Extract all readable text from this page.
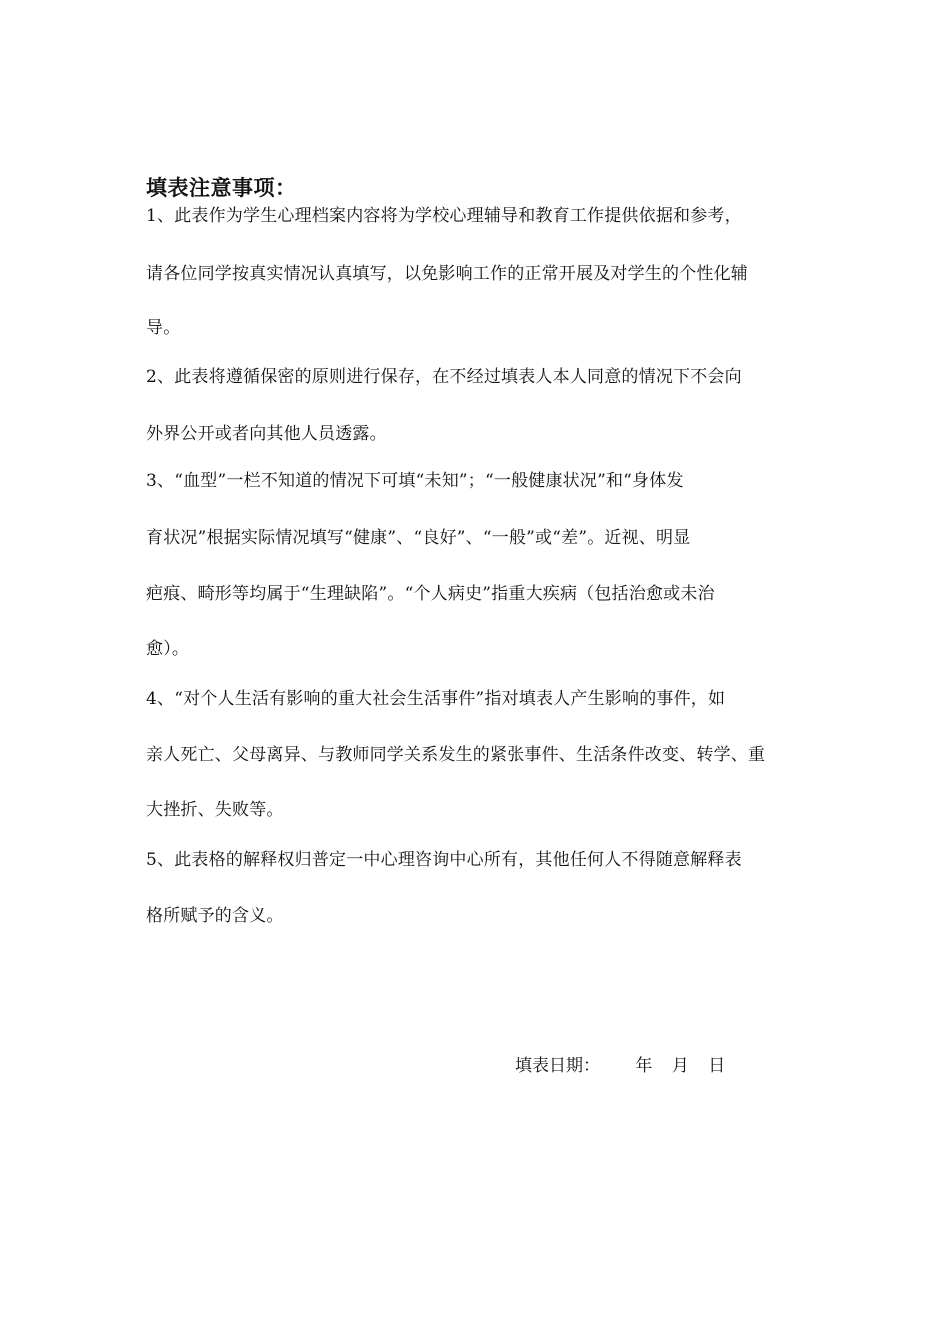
填表注意事项：
1、此表作为学生心理档案内容将为学校心理辅导和教育工作提供依据和参考，
请各位同学按真实情况认真填写，以免影响工作的正常开展及对学生的个性化辅
导。
2、此表将遵循保密的原则进行保存，在不经过填表人本人同意的情况下不会向
外界公开或者向其他人员透露。
3、“血型”一栏不知道的情况下可填“未知”；“一般健康状况”和“身体发
育状况”根据实际情况填写“健康”、“良好”、“一般”或“差”。近视、明显
疤痕、畸形等均属于“生理缺陷”。“个人病史”指重大疾病（包括治愈或未治
愈）。
4、“对个人生活有影响的重大社会生活事件”指对填表人产生影响的事件，如
亲人死亡、父母离异、与教师同学关系发生的紧张事件、生活条件改变、转学、重
大挫折、失败等。
5、此表格的解释权归普定一中心理咨询中心所有，其他任何人不得随意解释表
格所赋予的含义。
填表日期： 年 月 日
